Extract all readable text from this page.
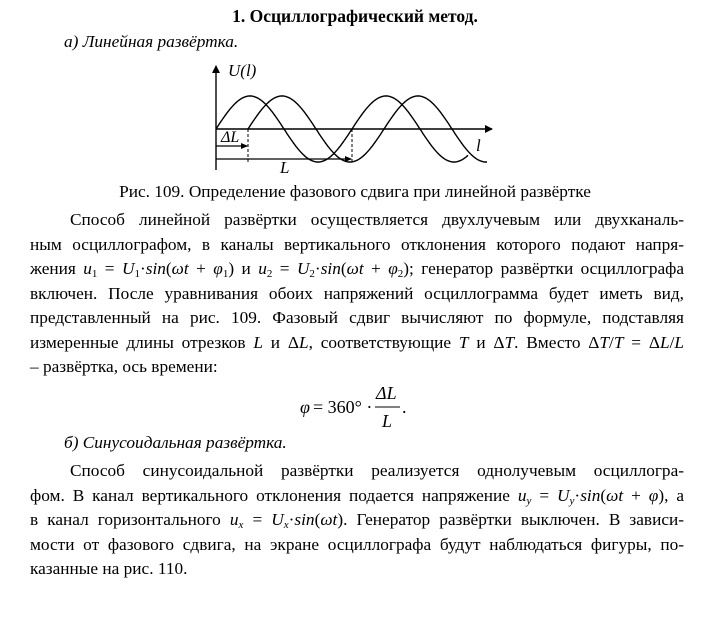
1. Осциллографический метод.
а) Линейная развёртка.
U(l)
l
ΔL
L
Рис. 109. Определение фазового сдвига при линейной развёртке
Способ линейной развёртки осуществляется двухлучевым или двухканаль-
ным осциллографом, в каналы вертикального отклонения которого подают напря-
жения $u_1 = U_1\cdot\sin(\omega t + \varphi_1)$ и $u_2 = U_2\cdot\sin(\omega t + \varphi_2)$; генератор развёртки осциллографа
включен. После уравнивания обоих напряжений осциллограмма будет иметь вид,
представленный на рис. 109. Фазовый сдвиг вычисляют по формуле, подставляя
измеренные длины отрезков L и ΔL, соответствующие T и ΔT. Вместо ΔT/T = ΔL/L
– развёртка, ось времени:
φ = 360° ·
ΔL
L
.
б) Синусоидальная развёртка.
Способ синусоидальной развёртки реализуется однолучевым осциллогра-
фом. В канал вертикального отклонения подается напряжение $u_y = U_y\cdot\sin(\omega t + \varphi)$, а
в канал горизонтального $u_x = U_x\cdot\sin(\omega t)$. Генератор развёртки выключен. В зависи-
мости от фазового сдвига, на экране осциллографа будут наблюдаться фигуры, по-
казанные на рис. 110.
